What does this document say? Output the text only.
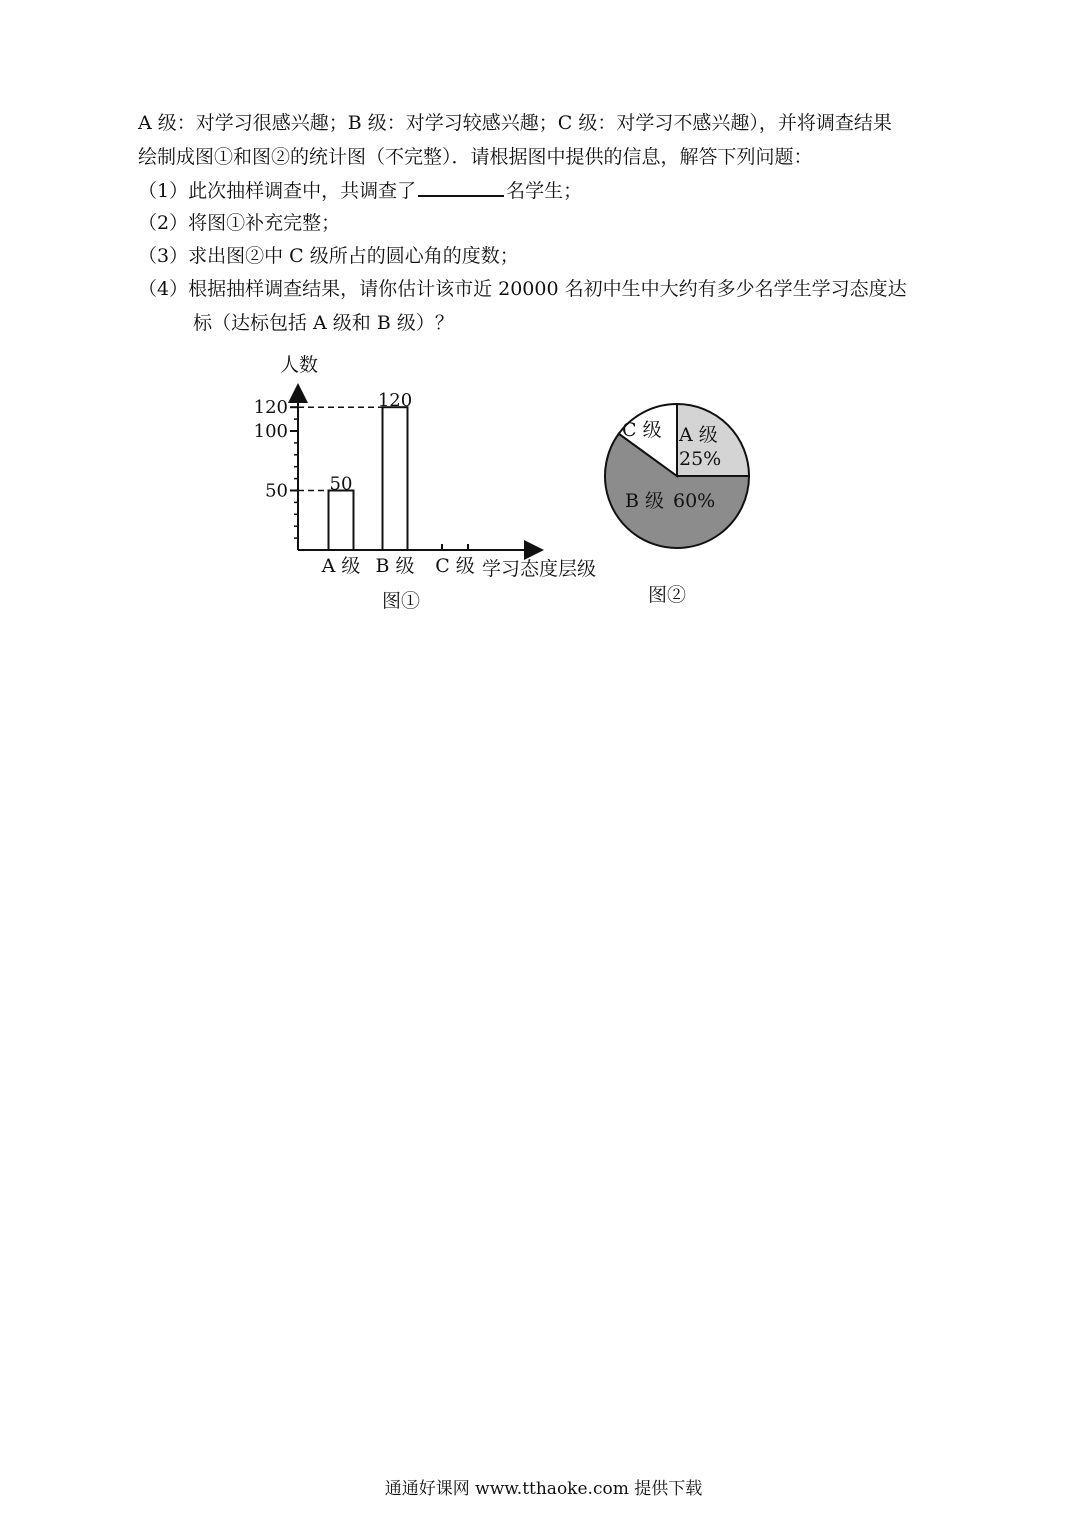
A 级：对学习很感兴趣；B 级：对学习较感兴趣；C 级：对学习不感兴趣），并将调查结果
绘制成图①和图②的统计图（不完整）．请根据图中提供的信息，解答下列问题：
（1）此次抽样调查中，共调查了	名学生；
（2）将图①补充完整；
（3）求出图②中 C 级所占的圆心角的度数；
（4）根据抽样调查结果，请你估计该市近 20000 名初中生中大约有多少名学生学习态度达
标（达标包括 A 级和 B 级）？
人数
50
100
120
A 级
50
B 级
120
C 级 学习态度层级
图①
A 级
25%
B 级 60%
C 级
图②
通通好课网 www.tthaoke.com 提供下载
